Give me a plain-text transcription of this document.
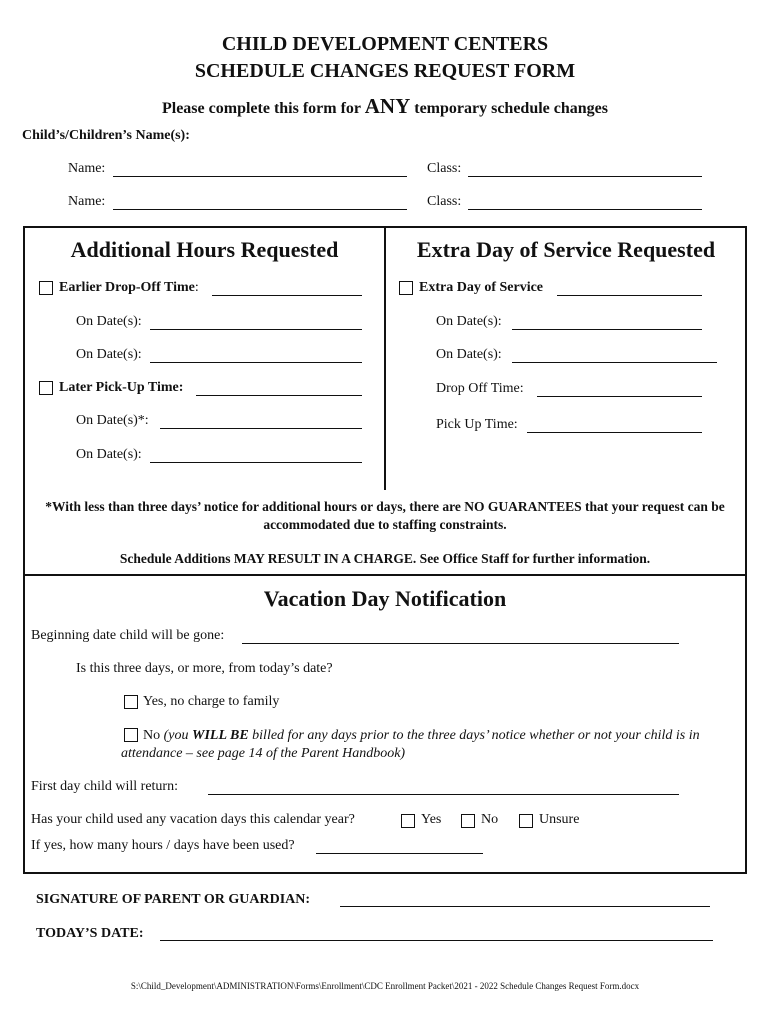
CHILD DEVELOPMENT CENTERS
SCHEDULE CHANGES REQUEST FORM
Please complete this form for ANY temporary schedule changes
Child’s/Children’s Name(s):
Name:	Class:
Name:	Class:
Additional Hours Requested
Earlier Drop-Off Time:
On Date(s):
On Date(s):
Later Pick-Up Time:
On Date(s)*:
On Date(s):
Extra Day of Service Requested
Extra Day of Service
On Date(s):
On Date(s):
Drop Off Time:
Pick Up Time:
*With less than three days’ notice for additional hours or days, there are NO GUARANTEES that your request can be accommodated due to staffing constraints.
Schedule Additions MAY RESULT IN A CHARGE. See Office Staff for further information.
Vacation Day Notification
Beginning date child will be gone:
Is this three days, or more, from today’s date?
Yes, no charge to family
No (you WILL BE billed for any days prior to the three days’ notice whether or not your child is in attendance – see page 14 of the Parent Handbook)
First day child will return:
Has your child used any vacation days this calendar year?	Yes	No	Unsure
If yes, how many hours / days have been used?
SIGNATURE OF PARENT OR GUARDIAN:
TODAY’S DATE:
S:\Child_Development\ADMINISTRATION\Forms\Enrollment\CDC Enrollment Packet\2021 - 2022 Schedule Changes Request Form.docx
